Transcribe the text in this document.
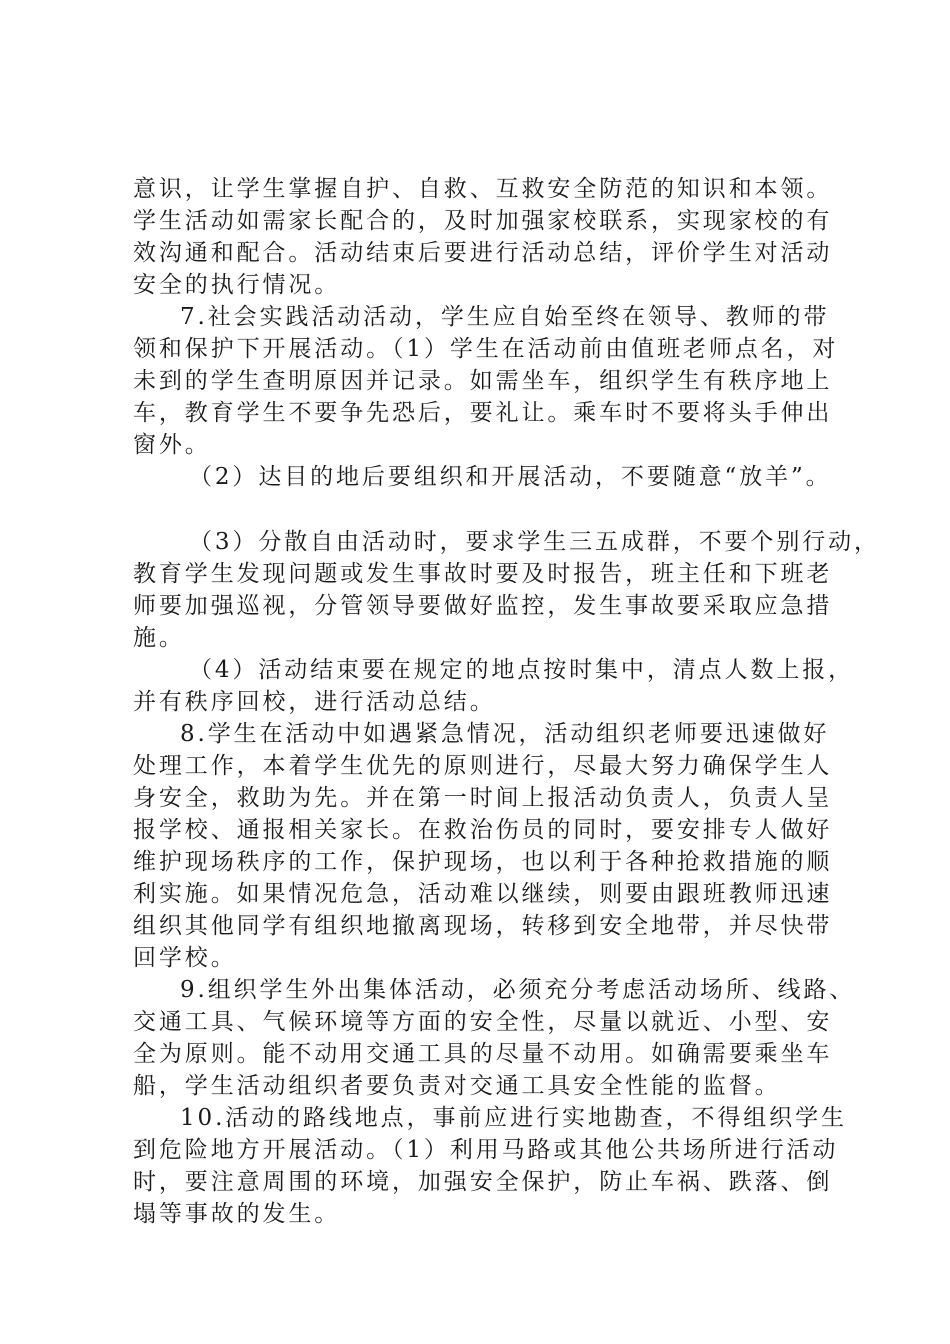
意识，让学生掌握自护、自救、互救安全防范的知识和本领。
学生活动如需家长配合的，及时加强家校联系，实现家校的有
效沟通和配合。活动结束后要进行活动总结，评价学生对活动
安全的执行情况。
7.社会实践活动活动，学生应自始至终在领导、教师的带
领和保护下开展活动。（1）学生在活动前由值班老师点名，对
未到的学生查明原因并记录。如需坐车，组织学生有秩序地上
车，教育学生不要争先恐后，要礼让。乘车时不要将头手伸出
窗外。
（2）达目的地后要组织和开展活动，不要随意“放羊”。
（3）分散自由活动时，要求学生三五成群，不要个别行动，
教育学生发现问题或发生事故时要及时报告，班主任和下班老
师要加强巡视，分管领导要做好监控，发生事故要采取应急措
施。
（4）活动结束要在规定的地点按时集中，清点人数上报，
并有秩序回校，进行活动总结。
8.学生在活动中如遇紧急情况，活动组织老师要迅速做好
处理工作，本着学生优先的原则进行，尽最大努力确保学生人
身安全，救助为先。并在第一时间上报活动负责人，负责人呈
报学校、通报相关家长。在救治伤员的同时，要安排专人做好
维护现场秩序的工作，保护现场，也以利于各种抢救措施的顺
利实施。如果情况危急，活动难以继续，则要由跟班教师迅速
组织其他同学有组织地撤离现场，转移到安全地带，并尽快带
回学校。
9.组织学生外出集体活动，必须充分考虑活动场所、线路、
交通工具、气候环境等方面的安全性，尽量以就近、小型、安
全为原则。能不动用交通工具的尽量不动用。如确需要乘坐车
船，学生活动组织者要负责对交通工具安全性能的监督。
10.活动的路线地点，事前应进行实地勘查，不得组织学生
到危险地方开展活动。（1）利用马路或其他公共场所进行活动
时，要注意周围的环境，加强安全保护，防止车祸、跌落、倒
塌等事故的发生。
